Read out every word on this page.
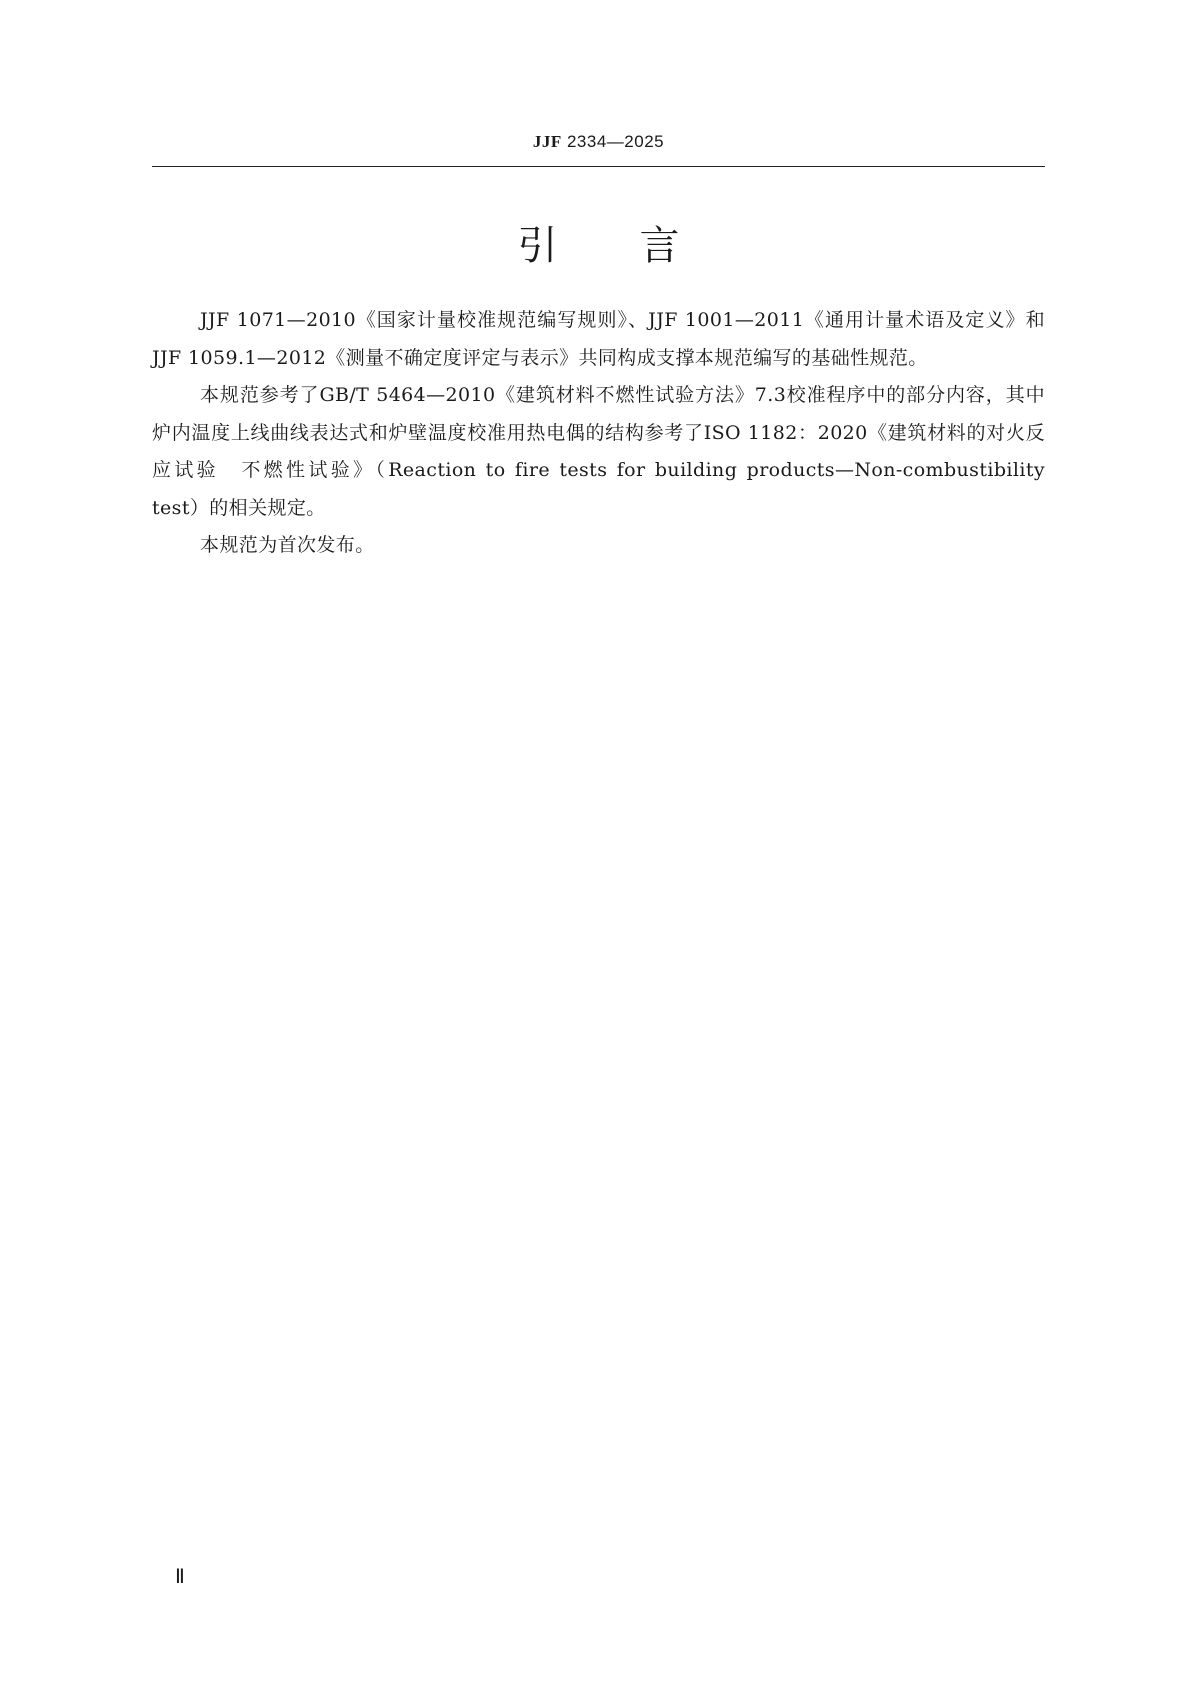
JJF 2334—2025
引言

JJF 1071—2010《国家计量校准规范编写规则》、JJF 1001—2011《通用计量术语及定义》和 JJF 1059.1—2012《测量不确定度评定与表示》共同构成支撑本规范编写的基础性规范。

本规范参考了GB/T 5464—2010《建筑材料不燃性试验方法》7.3校准程序中的部分内容，其中炉内温度上线曲线表达式和炉壁温度校准用热电偶的结构参考了ISO 1182：2020《建筑材料的对火反应试验　不燃性试验》（Reaction to fire tests for building products—Non-combustibility test）的相关规定。

本规范为首次发布。

Ⅱ
